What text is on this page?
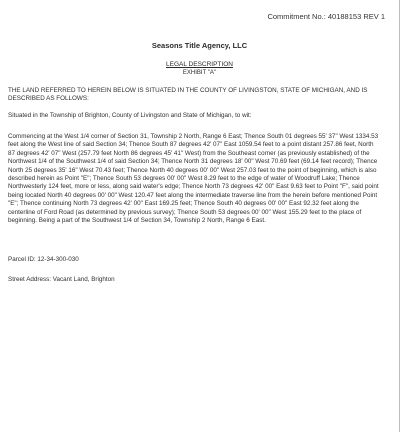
Commitment No.: 40188153 REV 1
Seasons Title Agency, LLC
LEGAL DESCRIPTION
EXHIBIT "A"
THE LAND REFERRED TO HEREIN BELOW IS SITUATED IN THE COUNTY OF LIVINGSTON, STATE OF MICHIGAN, AND IS DESCRIBED AS FOLLOWS:
Situated in the Township of Brighton, County of Livingston and State of Michigan, to wit:
Commencing at the West 1/4 corner of Section 31, Township 2 North, Range 6 East; Thence South 01 degrees 55' 37" West 1334.53 feet along the West line of said Section 34; Thence South 87 degrees 42' 07" East 1059.54 feet to a point distant 257.86 feet, North 87 degrees 42' 07" West (257.79 feet North 86 degrees 45' 41" West) from the Southeast corner (as previously established) of the Northwest 1/4 of the Southwest 1/4 of said Section 34; Thence North 31 degrees 18' 00" West 70.69 feet (69.14 feet record); Thence North 25 degrees 35' 16" West 70.43 feet; Thence North 40 degrees 00' 00" West 257.03 feet to the point of beginning, which is also described herein as Point "E"; Thence South 53 degrees 00' 00" West 8.29 feet to the edge of water of Woodruff Lake; Thence Northwesterly 124 feet, more or less, along said water's edge; Thence North 73 degrees 42' 00" East 9.63 feet to Point "F", said point being located North 40 degrees 00' 00" West 120.47 feet along the intermediate traverse line from the herein before mentioned Point "E"; Thence continuing North 73 degrees 42' 00" East 169.25 feet; Thence South 40 degrees 00' 00" East 92.32 feet along the centerline of Ford Road (as determined by previous survey); Thence South 53 degrees 00' 00" West 155.29 feet to the place of beginning. Being a part of the Southwest 1/4 of Section 34, Township 2 North, Range 6 East.
Parcel ID: 12-34-300-030
Street Address: Vacant Land, Brighton
